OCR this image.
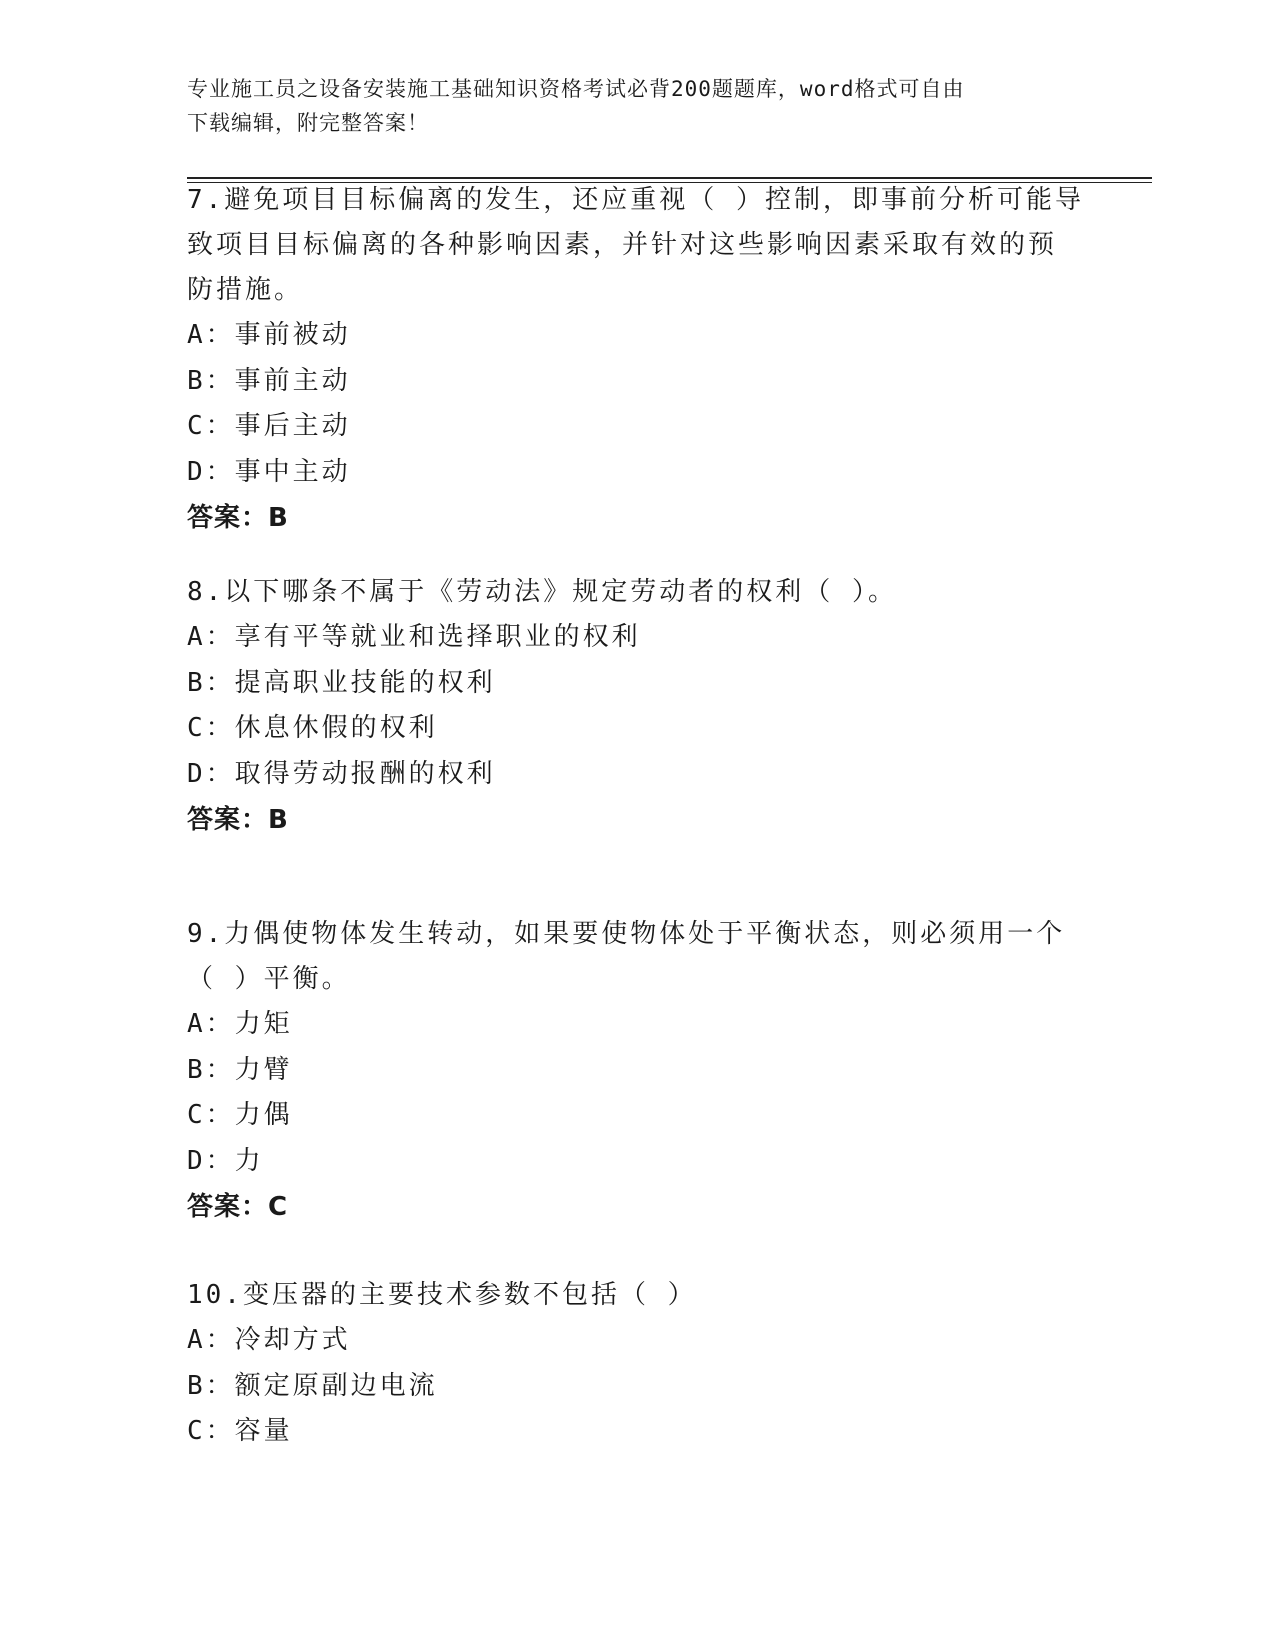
专业施工员之设备安装施工基础知识资格考试必背200题题库，word格式可自由
下载编辑，附完整答案！

7.避免项目目标偏离的发生，还应重视（ ）控制，即事前分析可能导

致项目目标偏离的各种影响因素，并针对这些影响因素采取有效的预

防措施。

A：事前被动

B：事前主动

C：事后主动

D：事中主动

答案：B

8.以下哪条不属于《劳动法》规定劳动者的权利（ ）。

A：享有平等就业和选择职业的权利

B：提高职业技能的权利

C：休息休假的权利

D：取得劳动报酬的权利

答案：B

9.力偶使物体发生转动，如果要使物体处于平衡状态，则必须用一个

（ ）平衡。

A：力矩

B：力臂

C：力偶

D：力

答案：C

10.变压器的主要技术参数不包括（ ）

A：冷却方式

B：额定原副边电流

C：容量
